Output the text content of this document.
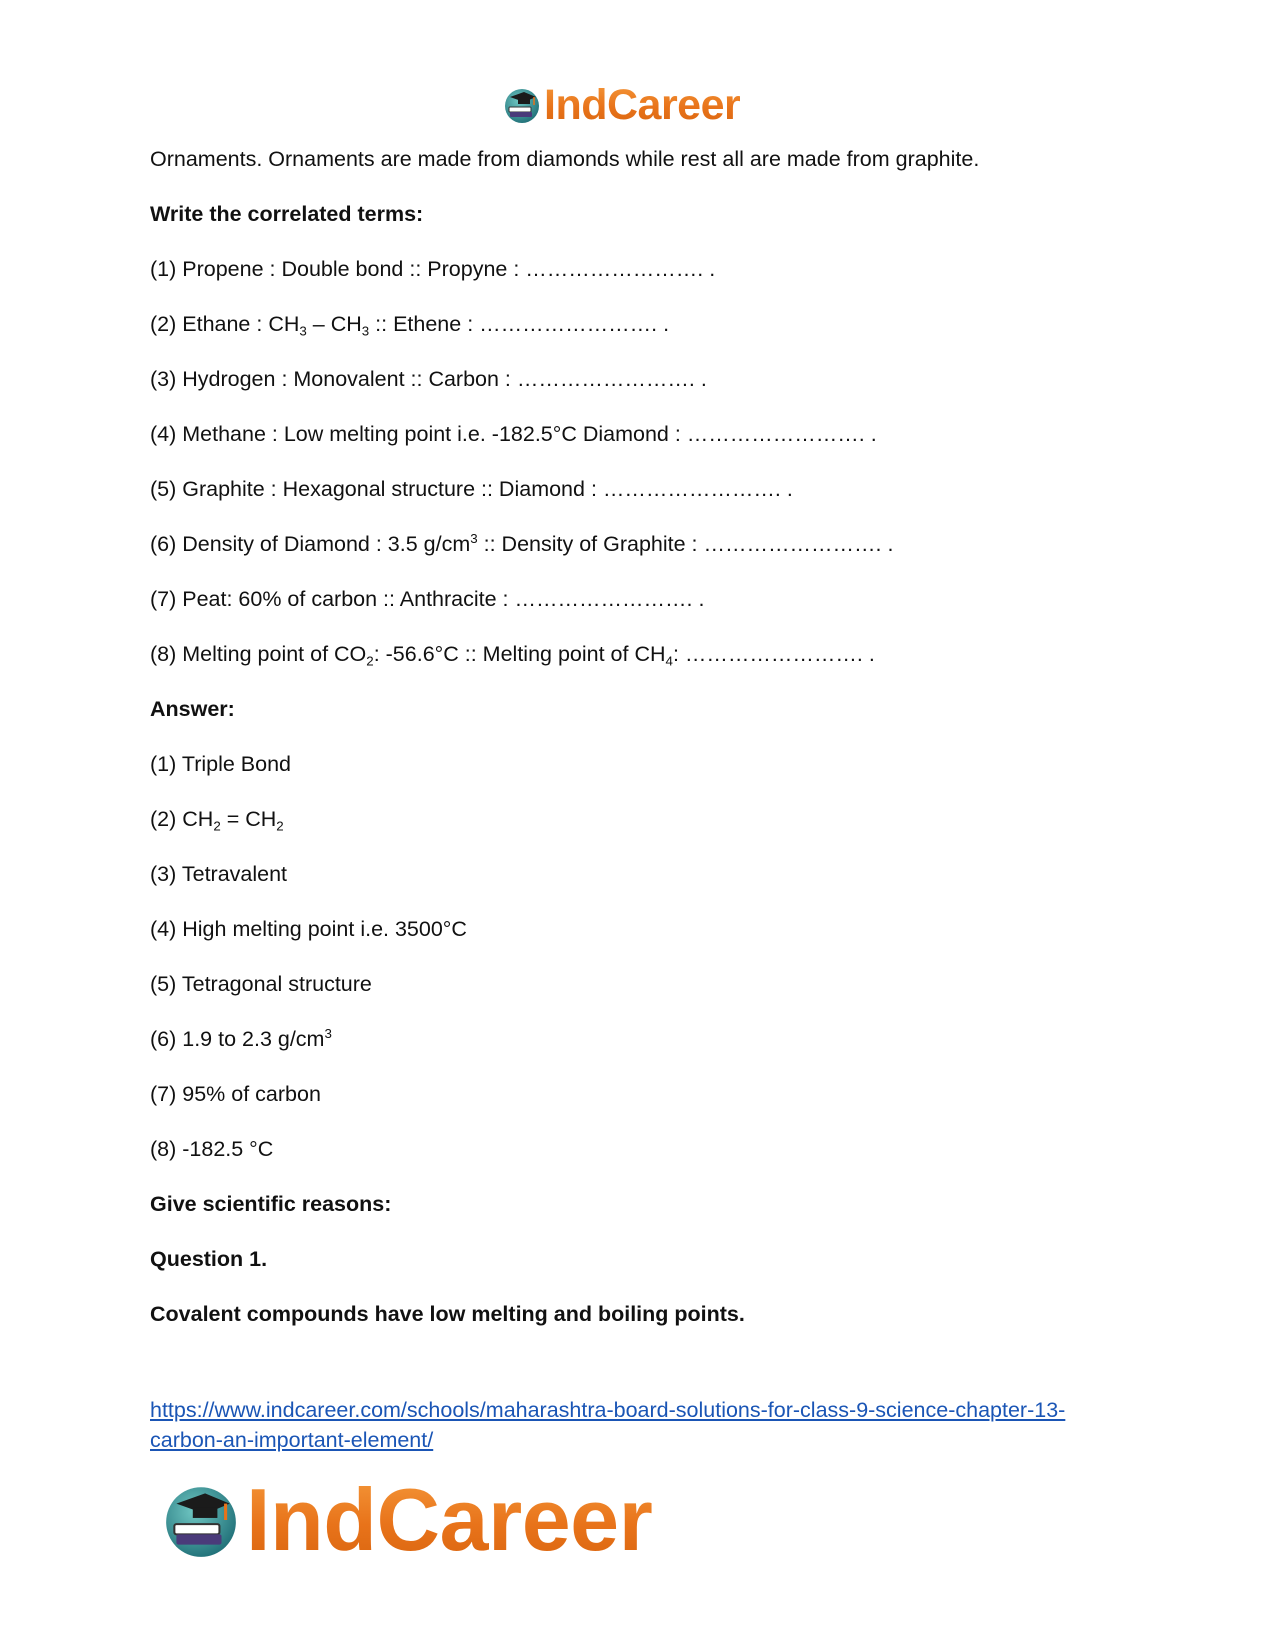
IndCareer
Ornaments. Ornaments are made from diamonds while rest all are made from graphite.
Write the correlated terms:
(1) Propene : Double bond :: Propyne : ……………………. .
(2) Ethane : $CH_3 - CH_3$ :: Ethene : ……………………. .
(3) Hydrogen : Monovalent :: Carbon : ……………………. .
(4) Methane : Low melting point i.e. -182.5°C Diamond : ……………………. .
(5) Graphite : Hexagonal structure :: Diamond : ……………………. .
(6) Density of Diamond : 3.5 $g/cm^3$ :: Density of Graphite : ……………………. .
(7) Peat: 60% of carbon :: Anthracite : ……………………. .
(8) Melting point of $CO_2$: -56.6°C :: Melting point of $CH_4$: ……………………. .
Answer:
(1) Triple Bond
(2) $CH_2 = CH_2$
(3) Tetravalent
(4) High melting point i.e. 3500°C
(5) Tetragonal structure
(6) 1.9 to 2.3 $g/cm^3$
(7) 95% of carbon
(8) -182.5 °C
Give scientific reasons:
Question 1.
Covalent compounds have low melting and boiling points.
https://www.indcareer.com/schools/maharashtra-board-solutions-for-class-9-science-chapter-13-
carbon-an-important-element/
IndCareer
